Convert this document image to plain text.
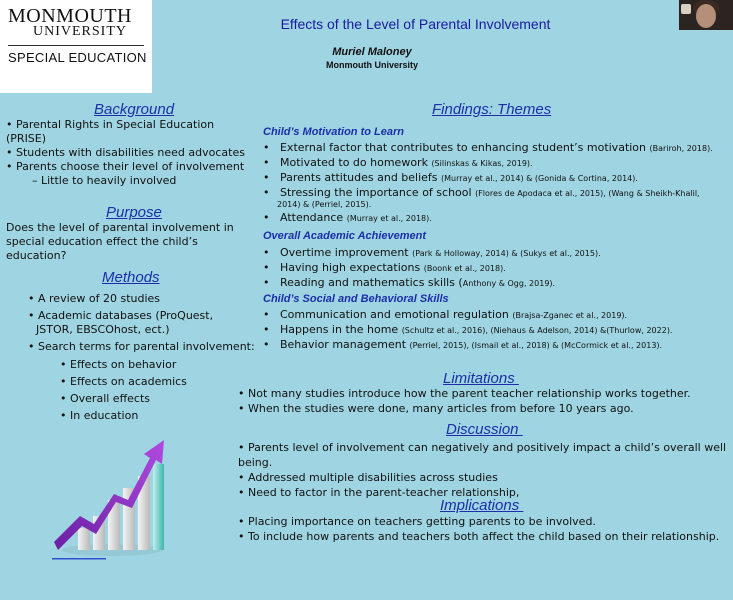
MONMOUTH
UNIVERSITY
SPECIAL EDUCATION
Effects of the Level of Parental Involvement
Muriel Maloney
Monmouth University
Background
• Parental Rights in Special Education
(PRISE)
• Students with disabilities need advocates
• Parents choose their level of involvement
– Little to heavily involved
Purpose
Does the level of parental involvement in
special education effect the child’s
education?
Methods
• A review of 20 studies
• Academic databases (ProQuest,
JSTOR, EBSCOhost, ect.)
• Search terms for parental involvement:
• Effects on behavior
• Effects on academics
• Overall effects
• In education
Findings: Themes
Child’s Motivation to Learn
•   External factor that contributes to enhancing student’s motivation (Bariroh, 2018).
•   Motivated to do homework (Silinskas & Kikas, 2019).
•   Parents attitudes and beliefs (Murray et al., 2014) & (Gonida & Cortina, 2014).
•   Stressing the importance of school (Flores de Apodaca et al., 2015), (Wang & Sheikh-Khalil,
2014) & (Perriel, 2015).
•   Attendance (Murray et al., 2018).
Overall Academic Achievement
•   Overtime improvement (Park & Holloway, 2014) & (Sukys et al., 2015).
•   Having high expectations (Boonk et al., 2018).
•   Reading and mathematics skills (Anthony & Ogg, 2019).
Child’s Social and Behavioral Skills
•   Communication and emotional regulation (Brajsa-Zganec et al., 2019).
•   Happens in the home (Schultz et al., 2016), (Niehaus & Adelson, 2014) &(Thurlow, 2022).
•   Behavior management (Perriel, 2015), (Ismail et al., 2018) & (McCormick et al., 2013).
Limitations
• Not many studies introduce how the parent teacher relationship works together.
• When the studies were done, many articles from before 10 years ago.
Discussion
• Parents level of involvement can negatively and positively impact a child’s overall well
being.
• Addressed multiple disabilities across studies
• Need to factor in the parent-teacher relationship,
Implications
• Placing importance on teachers getting parents to be involved.
• To include how parents and teachers both affect the child based on their relationship.
